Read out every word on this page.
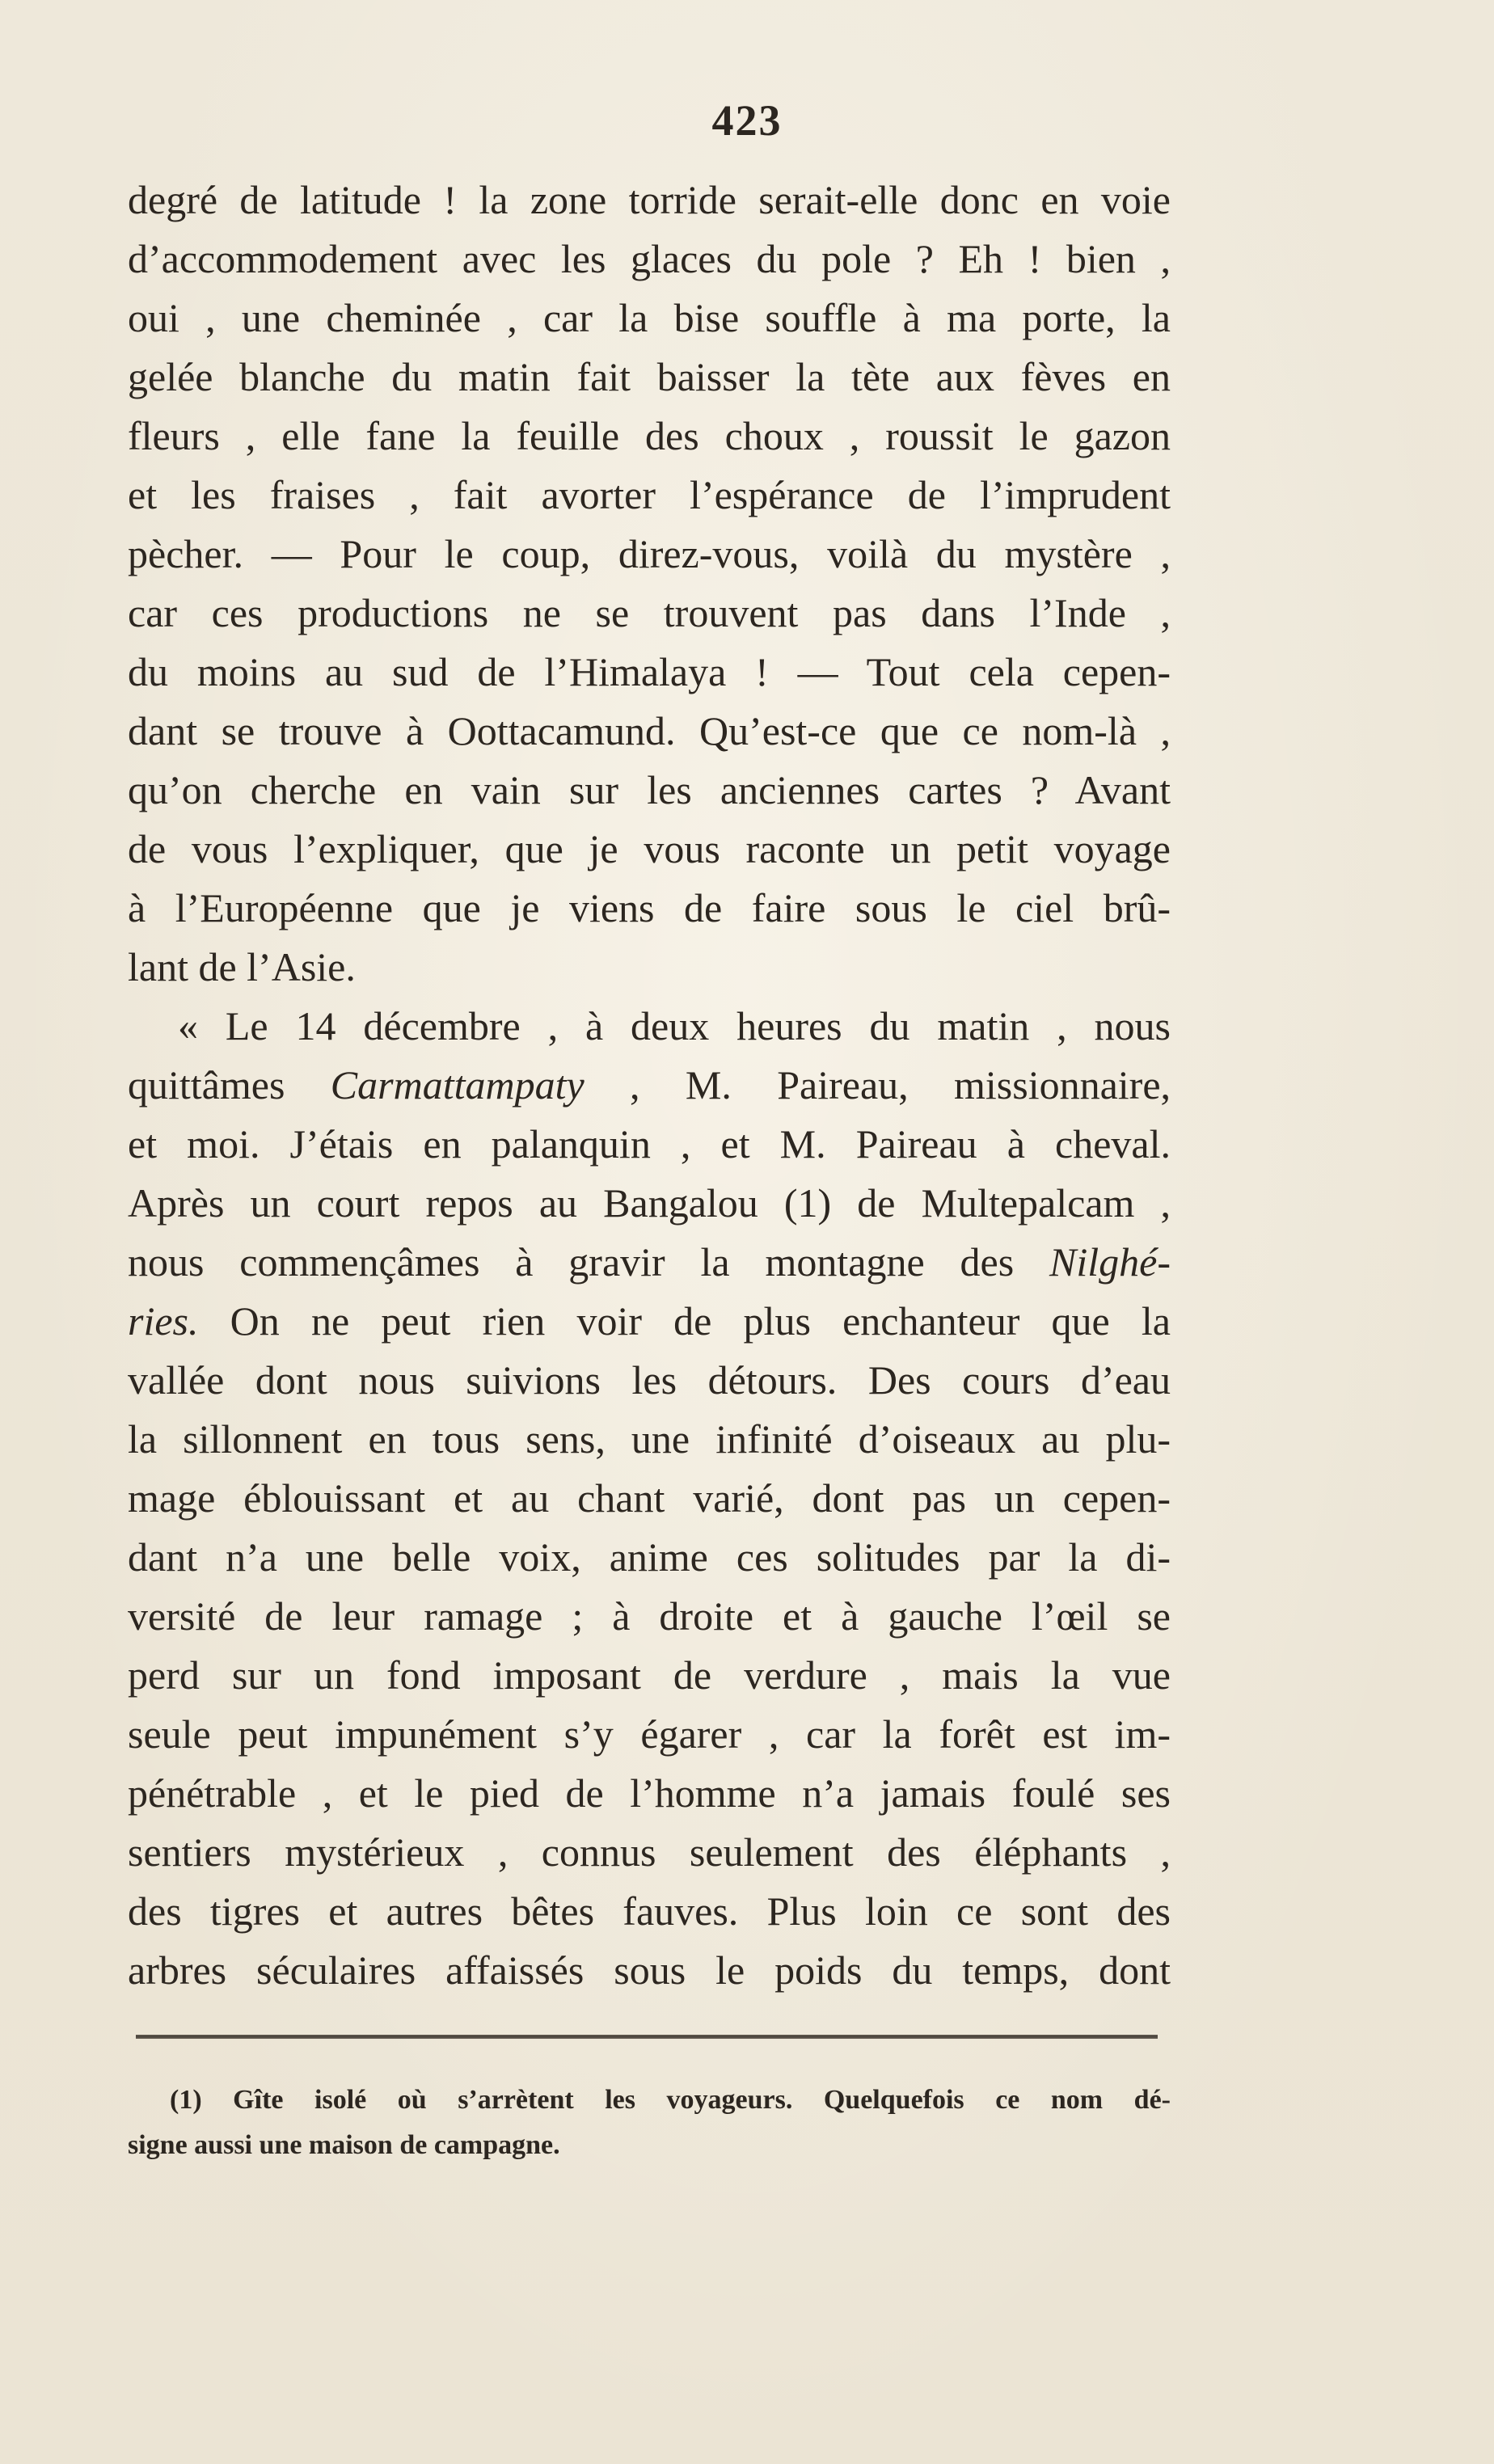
423
degré de latitude ! la zone torride serait-elle donc en voie
d’accommodement avec les glaces du pole ? Eh ! bien ,
oui , une cheminée , car la bise souffle à ma porte, la
gelée blanche du matin fait baisser la tète aux fèves en
fleurs , elle fane la feuille des choux , roussit le gazon
et les fraises , fait avorter l’espérance de l’imprudent
pècher. — Pour le coup, direz-vous, voilà du mystère ,
car ces productions ne se trouvent pas dans l’Inde ,
du moins au sud de l’Himalaya ! — Tout cela cepen-
dant se trouve à Oottacamund. Qu’est-ce que ce nom-là ,
qu’on cherche en vain sur les anciennes cartes ? Avant
de vous l’expliquer, que je vous raconte un petit voyage
à l’Européenne que je viens de faire sous le ciel brû-
lant de l’Asie.
« Le 14 décembre , à deux heures du matin , nous
quittâmes Carmattampaty , M. Paireau, missionnaire,
et moi. J’étais en palanquin , et M. Paireau à cheval.
Après un court repos au Bangalou (1) de Multepalcam ,
nous commençâmes à gravir la montagne des Nilghé-
ries. On ne peut rien voir de plus enchanteur que la
vallée dont nous suivions les détours. Des cours d’eau
la sillonnent en tous sens, une infinité d’oiseaux au plu-
mage éblouissant et au chant varié, dont pas un cepen-
dant n’a une belle voix, anime ces solitudes par la di-
versité de leur ramage ; à droite et à gauche l’œil se
perd sur un fond imposant de verdure , mais la vue
seule peut impunément s’y égarer , car la forêt est im-
pénétrable , et le pied de l’homme n’a jamais foulé ses
sentiers mystérieux , connus seulement des éléphants ,
des tigres et autres bêtes fauves. Plus loin ce sont des
arbres séculaires affaissés sous le poids du temps, dont
(1) Gîte isolé où s’arrètent les voyageurs. Quelquefois ce nom dé-
signe aussi une maison de campagne.
